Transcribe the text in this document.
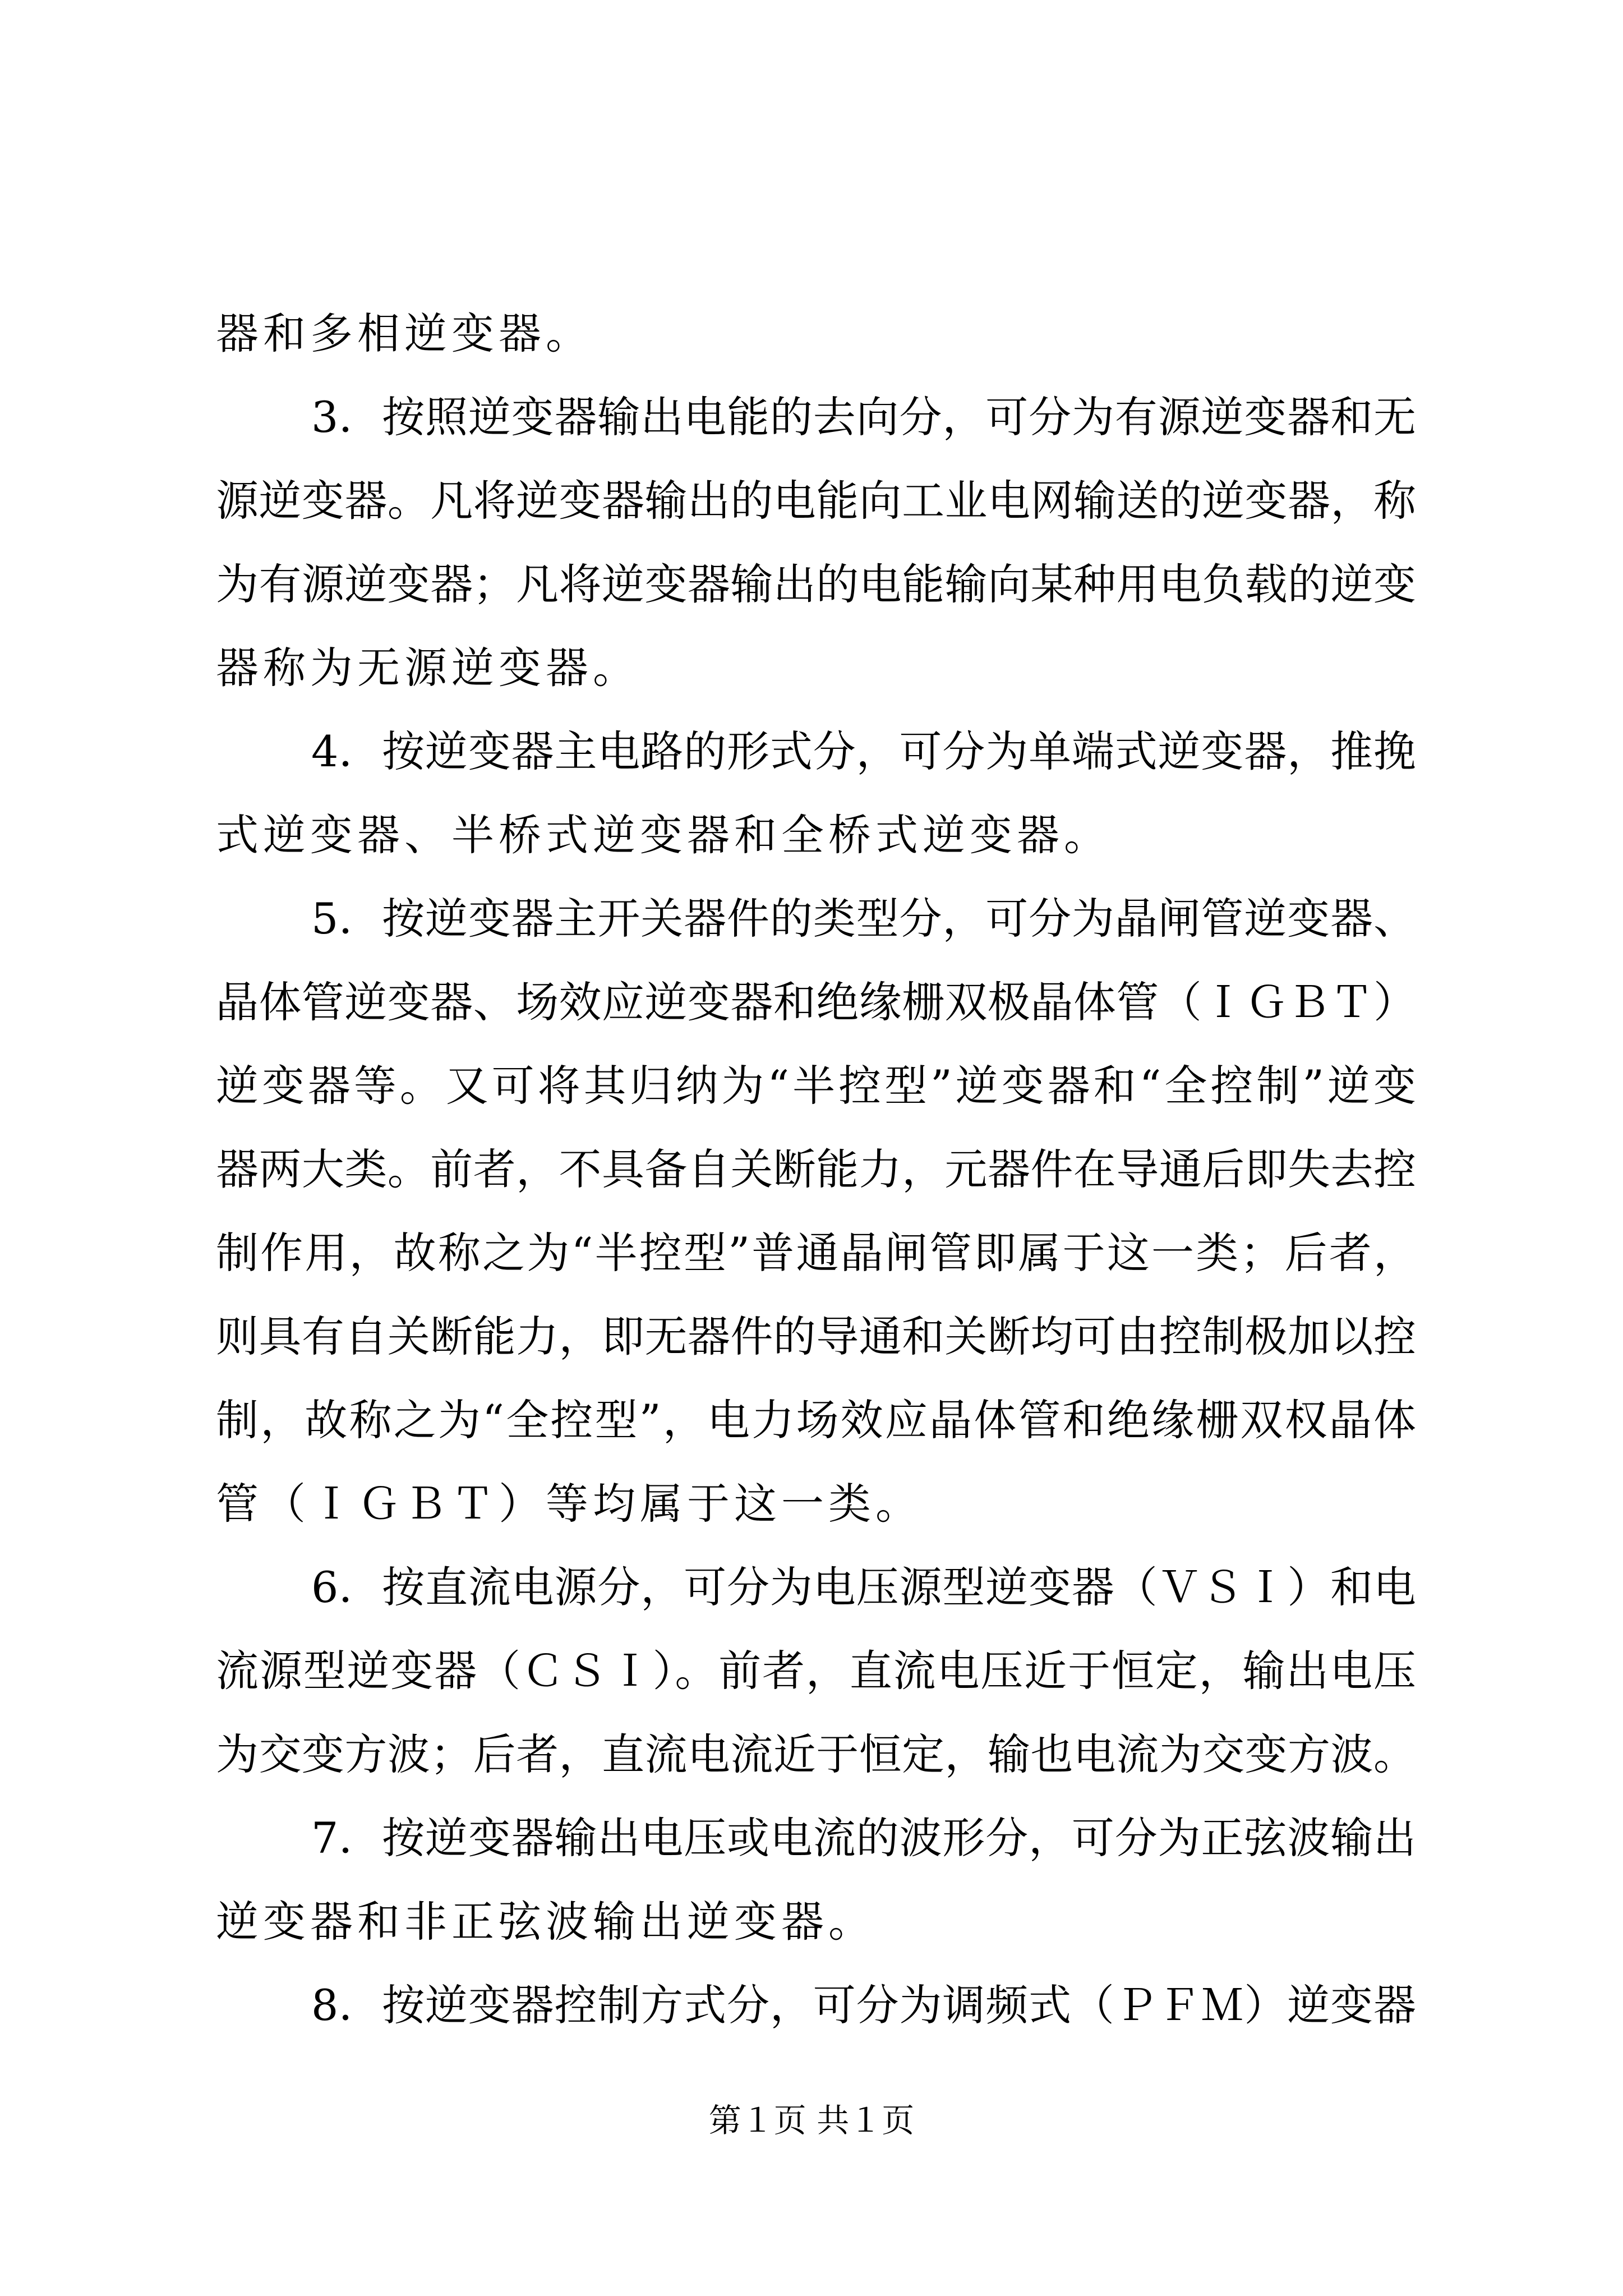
器和多相逆变器。
3．按照逆变器输出电能的去向分，可分为有源逆变器和无
源逆变器。凡将逆变器输出的电能向工业电网输送的逆变器，称
为有源逆变器；凡将逆变器输出的电能输向某种用电负载的逆变
器称为无源逆变器。
4．按逆变器主电路的形式分，可分为单端式逆变器，推挽
式逆变器、半桥式逆变器和全桥式逆变器。
5．按逆变器主开关器件的类型分，可分为晶闸管逆变器、
晶体管逆变器、场效应逆变器和绝缘栅双极晶体管（ＩＧＢＴ）
逆变器等。又可将其归纳为“半控型”逆变器和“全控制”逆变
器两大类。前者，不具备自关断能力，元器件在导通后即失去控
制作用，故称之为“半控型”普通晶闸管即属于这一类；后者，
则具有自关断能力，即无器件的导通和关断均可由控制极加以控
制，故称之为“全控型”，电力场效应晶体管和绝缘栅双权晶体
管（ＩＧＢＴ）等均属于这一类。
6．按直流电源分，可分为电压源型逆变器（ＶＳＩ）和电
流源型逆变器（ＣＳＩ）。前者，直流电压近于恒定，输出电压
为交变方波；后者，直流电流近于恒定，输也电流为交变方波。
7．按逆变器输出电压或电流的波形分，可分为正弦波输出
逆变器和非正弦波输出逆变器。
8．按逆变器控制方式分，可分为调频式（ＰＦＭ）逆变器
第１页 共１页
